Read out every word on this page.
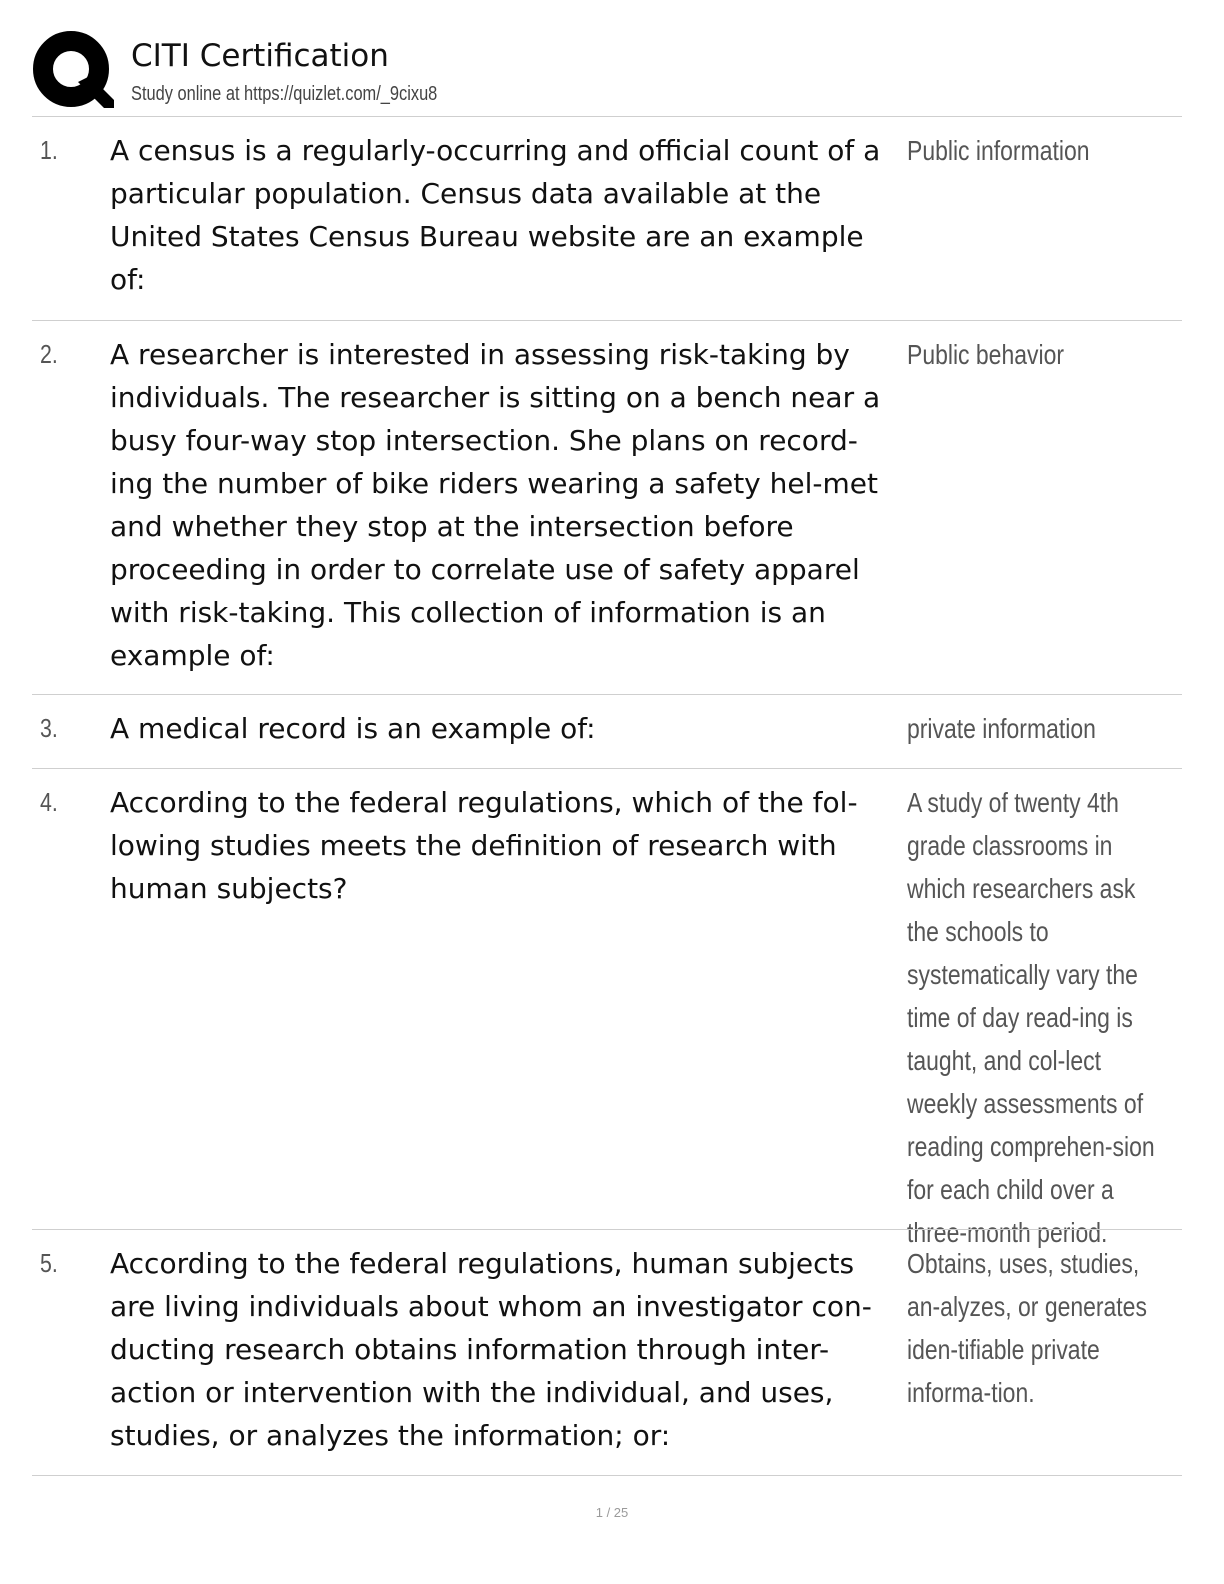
CITI Certification
Study online at https://quizlet.com/_9cixu8
1. A census is a regularly-occurring and official count of a particular population. Census data available at the United States Census Bureau website are an example of:
Public information
2. A researcher is interested in assessing risk-taking by individuals. The researcher is sitting on a bench near a busy four-way stop intersection. She plans on record-ing the number of bike riders wearing a safety hel-met and whether they stop at the intersection before proceeding in order to correlate use of safety apparel with risk-taking. This collection of information is an example of:
Public behavior
3. A medical record is an example of:	private information
4. According to the federal regulations, which of the fol-lowing studies meets the definition of research with human subjects?
A study of twenty 4th grade classrooms in which researchers ask the schools to systematically vary the time of day read-ing is taught, and col-lect weekly assessments of reading comprehen-sion for each child over a three-month period.
5. According to the federal regulations, human subjects are living individuals about whom an investigator con-ducting research obtains information through inter-action or intervention with the individual, and uses, studies, or analyzes the information; or:
Obtains, uses, studies, an-alyzes, or generates iden-tifiable private informa-tion.
1 / 25
